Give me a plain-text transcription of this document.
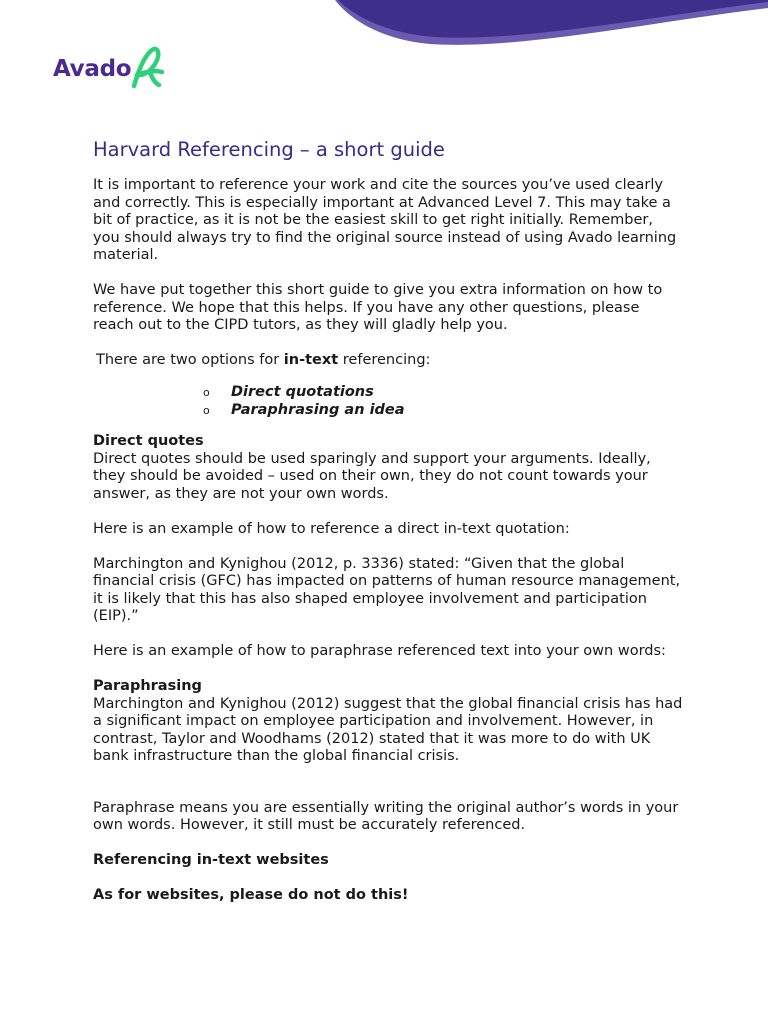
Avado
Harvard Referencing – a short guide

It is important to reference your work and cite the sources you’ve used clearly and correctly. This is especially important at Advanced Level 7. This may take a bit of practice, as it is not be the easiest skill to get right initially. Remember, you should always try to find the original source instead of using Avado learning material.

We have put together this short guide to give you extra information on how to reference. We hope that this helps. If you have any other questions, please reach out to the CIPD tutors, as they will gladly help you.

There are two options for in-text referencing:

o Direct quotations
o Paraphrasing an idea
Direct quotes

Direct quotes should be used sparingly and support your arguments. Ideally, they should be avoided – used on their own, they do not count towards your answer, as they are not your own words.

Here is an example of how to reference a direct in-text quotation:

Marchington and Kynighou (2012, p. 3336) stated: “Given that the global financial crisis (GFC) has impacted on patterns of human resource management, it is likely that this has also shaped employee involvement and participation (EIP).”

Here is an example of how to paraphrase referenced text into your own words:

Paraphrasing

Marchington and Kynighou (2012) suggest that the global financial crisis has had a significant impact on employee participation and involvement. However, in contrast, Taylor and Woodhams (2012) stated that it was more to do with UK bank infrastructure than the global financial crisis.

Paraphrase means you are essentially writing the original author’s words in your own words. However, it still must be accurately referenced.

Referencing in-text websites

As for websites, please do not do this!
